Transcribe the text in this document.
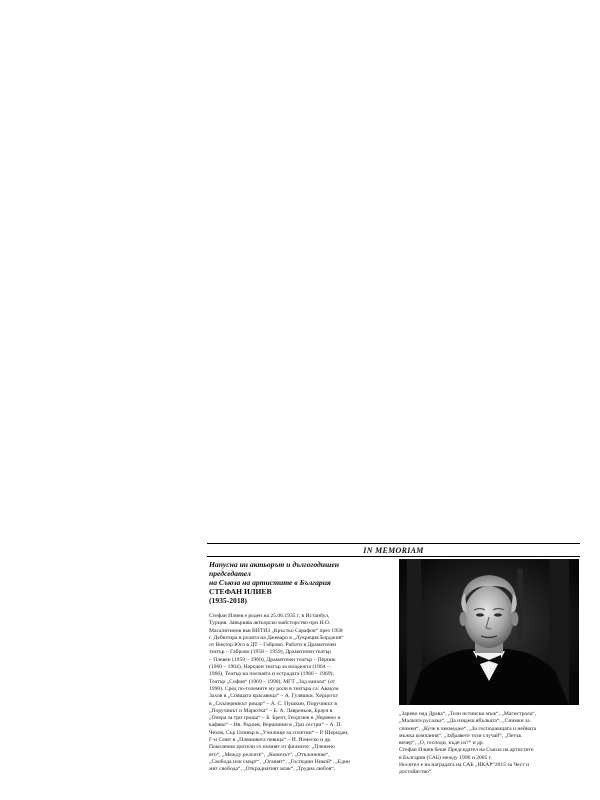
IN MEMORIAM
Напусна ни актьорът и дългогодишен
председател
на Съюза на артистите в България
СТЕФАН ИЛИЕВ
(1935-2018)
Стефан Илиев е роден на 25.06.1935 г. в Истанбул,
Турция. Завършва актьорско майсторство при Н.О.
Масалитинов във ВИТИЗ „Кръстьо Сарафов“ през 1958
г. Дебютира в ролята на Джеваро в „Лукреция Борджия“
от Виктор Юго в ДТ – Габрово. Работи в Драматичен
театър – Габрово (1958 – 1959), Драматичен театър
– Плевен (1959 – 1960), Драматичен театър – Перник
(1960 – 1964), Народен театър за младежта (1964 –
1966), Театър на поезията и естрадата (1966 – 1969),
Театър „София“ (1969 – 1990), МГТ „Зад канала“ (от
1990). Сред по-големите му роли в театъра са: Авакум
Захов в „Спящата красавица“ – А. Гуляшки, Херцогът
в „Скъперникът рицар“ – А. С. Пушкин, Поручикът в
„Поручикът и Марютка“ – Б. А. Лавреньов, Браун в
„Опера за три гроша“ – Б. Брехт, Георгиев в „Червено и
кафяво“ – Ив. Радоев, Вершинин в „Три сестри“ – А. П.
Чехов, Сър Оливър в „Училище за сплетни“ – Р. Шеридан,
Г-н Смит в „Плешивата певица“ – Й. Йонеско и др.
Поколения зрители го помнят от филмите: „Пленено
ято“, „Между релсите“, „Коничът“, „Отклонение“,
„Свобода или смърт“, „Осмият“, „Господин Никой“, „Един
миг свобода“, „Откраднатият влак“, „Трудна любов“,
„Зарево над Драва“, „Този истински мъж“, „Магистрала“,
„Малката русалка“, „Да изядеш ябълката“, „Снимки за
спомен“, „Куче в чекмедже“, „За господжицата и нейната
мъжка компания“, „Забравете този случай“, „Петък
вечер“, „О, господи, къде си?“ и др.
Стефан Илиев беше Председател на Съюза на артистите
в България (САБ) между 1990 и 2005 г.
Носител е на наградата на САБ „ИКАР“2015 за Чест и
достойнство“.
